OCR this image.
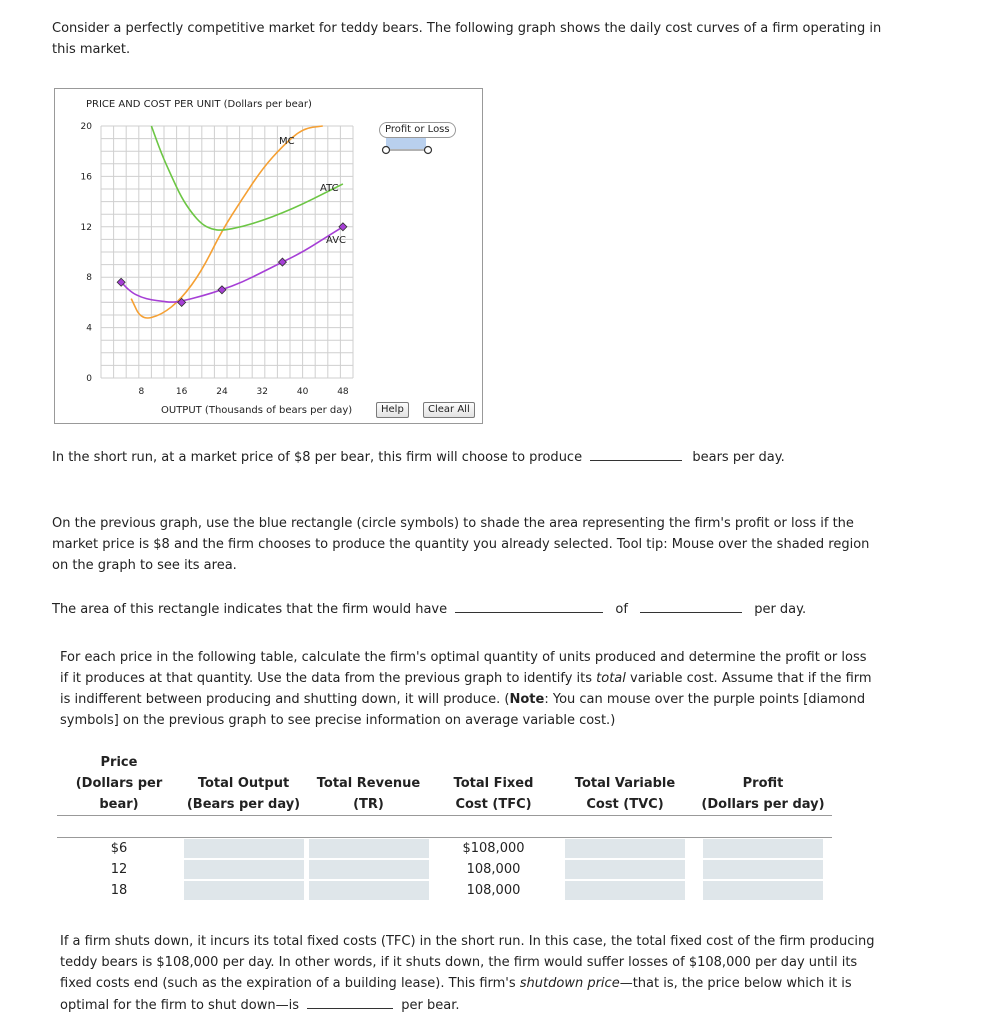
Consider a perfectly competitive market for teddy bears. The following graph shows the daily cost curves of a firm operating in this market.
PRICE AND COST PER UNIT (Dollars per bear)
20
16
12
8
4
0
8	16	24	32	40	48
MC
ATC
AVC
OUTPUT (Thousands of bears per day)
Profit or Loss
Help	Clear All
In the short run, at a market price of $8 per bear, this firm will choose to produce	bears per day.
On the previous graph, use the blue rectangle (circle symbols) to shade the area representing the firm's profit or loss if the market price is $8 and the firm chooses to produce the quantity you already selected. Tool tip: Mouse over the shaded region on the graph to see its area.
The area of this rectangle indicates that the firm would have	of	per day.
For each price in the following table, calculate the firm's optimal quantity of units produced and determine the profit or loss if it produces at that quantity. Use the data from the previous graph to identify its total variable cost. Assume that if the firm is indifferent between producing and shutting down, it will produce. (Note: You can mouse over the purple points [diamond symbols] on the previous graph to see precise information on average variable cost.)
Price
(Dollars per
bear)	Total Output
(Bears per day)	Total Revenue
(TR)	Total Fixed
Cost (TFC)	Total Variable
Cost (TVC)	Profit
(Dollars per day)

$6			$108,000	

12			108,000	

18			108,000	

If a firm shuts down, it incurs its total fixed costs (TFC) in the short run. In this case, the total fixed cost of the firm producing teddy bears is $108,000 per day. In other words, if it shuts down, the firm would suffer losses of $108,000 per day until its fixed costs end (such as the expiration of a building lease). This firm's shutdown price—that is, the price below which it is optimal for the firm to shut down—is	per bear.
